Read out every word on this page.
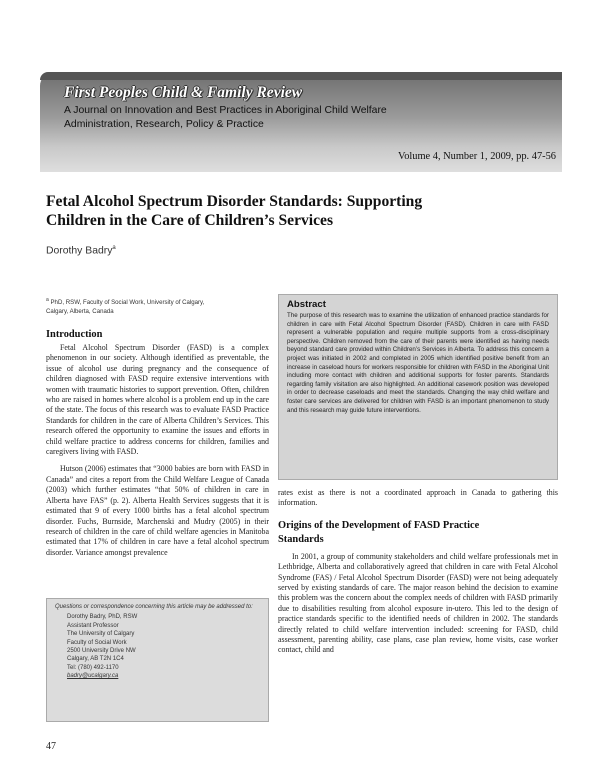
First Peoples Child & Family Review
A Journal on Innovation and Best Practices in Aboriginal Child Welfare
Administration, Research, Policy & Practice
Volume 4, Number 1, 2009, pp. 47-56
Fetal Alcohol Spectrum Disorder Standards: Supporting
Children in the Care of Children’s Services
Dorothy Badry$^a$
$^a$ PhD, RSW, Faculty of Social Work, University of Calgary,
Calgary, Alberta, Canada
Introduction
Fetal Alcohol Spectrum Disorder (FASD) is a complex phenomenon in our society. Although identified as preventable, the issue of alcohol use during pregnancy and the consequence of children diagnosed with FASD require extensive interventions with women with traumatic histories to support prevention. Often, children who are raised in homes where alcohol is a problem end up in the care of the state. The focus of this research was to evaluate FASD Practice Standards for children in the care of Alberta Children’s Services. This research offered the opportunity to examine the issues and efforts in child welfare practice to address concerns for children, families and caregivers living with FASD.
Hutson (2006) estimates that “3000 babies are born with FASD in Canada” and cites a report from the Child Welfare League of Canada (2003) which further estimates “that 50% of children in care in Alberta have FAS” (p. 2). Alberta Health Services suggests that it is estimated that 9 of every 1000 births has a fetal alcohol spectrum disorder. Fuchs, Burnside, Marchenski and Mudry (2005) in their research of children in the care of child welfare agencies in Manitoba estimated that 17% of children in care have a fetal alcohol spectrum disorder. Variance amongst prevalence
Abstract
The purpose of this research was to examine the utilization of enhanced practice standards for children in care with Fetal Alcohol Spectrum Disorder (FASD). Children in care with FASD represent a vulnerable population and require multiple supports from a cross-disciplinary perspective. Children removed from the care of their parents were identified as having needs beyond standard care provided within Children’s Services in Alberta. To address this concern a project was initiated in 2002 and completed in 2005 which identified positive benefit from an increase in caseload hours for workers responsible for children with FASD in the Aboriginal Unit including more contact with children and additional supports for foster parents. Standards regarding family visitation are also highlighted. An additional casework position was developed in order to decrease caseloads and meet the standards. Changing the way child welfare and foster care services are delivered for children with FASD is an important phenomenon to study and this research may guide future interventions.
rates exist as there is not a coordinated approach in Canada to gathering this information.
Origins of the Development of FASD Practice
Standards
In 2001, a group of community stakeholders and child welfare professionals met in Lethbridge, Alberta and collaboratively agreed that children in care with Fetal Alcohol Syndrome (FAS) / Fetal Alcohol Spectrum Disorder (FASD) were not being adequately served by existing standards of care. The major reason behind the decision to examine this problem was the concern about the complex needs of children with FASD primarily due to disabilities resulting from alcohol exposure in-utero. This led to the design of practice standards specific to the identified needs of children in 2002. The standards directly related to child welfare intervention included: screening for FASD, child assessment, parenting ability, case plans, case plan review, home visits, case worker contact, child and
Questions or correspondence concerning this article may be addressed to:
Dorothy Badry, PhD, RSW
Assistant Professor
The University of Calgary
Faculty of Social Work
2500 University Drive NW
Calgary, AB T2N 1C4
Tel: (780) 492-1170
badry@ucalgary.ca
47
